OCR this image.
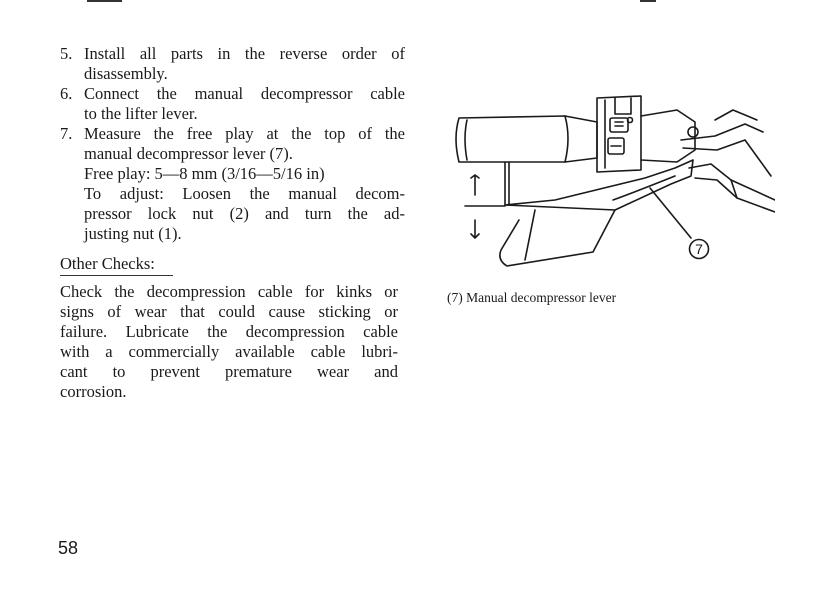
5. Install all parts in the reverse order of
disassembly.
6. Connect the manual decompressor cable
to the lifter lever.
7. Measure the free play at the top of the
manual decompressor lever (7).
Free play: 5—8 mm (3/16—5/16 in)
To adjust: Loosen the manual decom-
pressor lock nut (2) and turn the ad-
justing nut (1).
Other Checks:
Check the decompression cable for kinks or
signs of wear that could cause sticking or
failure. Lubricate the decompression cable
with a commercially available cable lubri-
cant to prevent premature wear and
corrosion.
7
(7) Manual decompressor lever
58
